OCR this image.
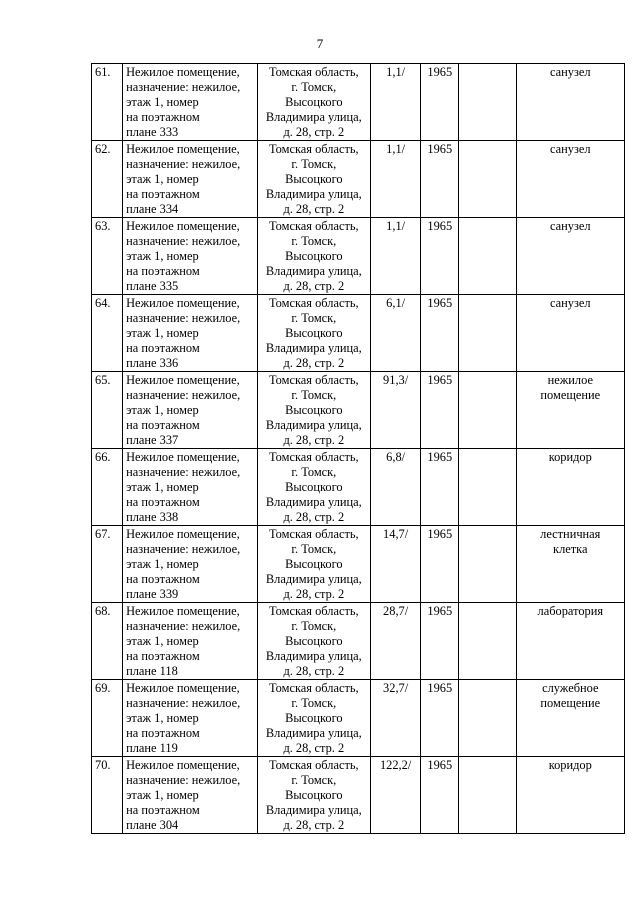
7
61.	Нежилое помещение,
назначение: нежилое,
этаж 1, номер
на поэтажном
плане 333	Томская область,
г. Томск,
Высоцкого
Владимира улица,
д. 28, стр. 2	1,1/	1965		санузел

62.	Нежилое помещение,
назначение: нежилое,
этаж 1, номер
на поэтажном
плане 334	Томская область,
г. Томск,
Высоцкого
Владимира улица,
д. 28, стр. 2	1,1/	1965		санузел

63.	Нежилое помещение,
назначение: нежилое,
этаж 1, номер
на поэтажном
плане 335	Томская область,
г. Томск,
Высоцкого
Владимира улица,
д. 28, стр. 2	1,1/	1965		санузел

64.	Нежилое помещение,
назначение: нежилое,
этаж 1, номер
на поэтажном
плане 336	Томская область,
г. Томск,
Высоцкого
Владимира улица,
д. 28, стр. 2	6,1/	1965		санузел

65.	Нежилое помещение,
назначение: нежилое,
этаж 1, номер
на поэтажном
плане 337	Томская область,
г. Томск,
Высоцкого
Владимира улица,
д. 28, стр. 2	91,3/	1965		нежилое
помещение

66.	Нежилое помещение,
назначение: нежилое,
этаж 1, номер
на поэтажном
плане 338	Томская область,
г. Томск,
Высоцкого
Владимира улица,
д. 28, стр. 2	6,8/	1965		коридор

67.	Нежилое помещение,
назначение: нежилое,
этаж 1, номер
на поэтажном
плане 339	Томская область,
г. Томск,
Высоцкого
Владимира улица,
д. 28, стр. 2	14,7/	1965		лестничная
клетка

68.	Нежилое помещение,
назначение: нежилое,
этаж 1, номер
на поэтажном
плане 118	Томская область,
г. Томск,
Высоцкого
Владимира улица,
д. 28, стр. 2	28,7/	1965		лаборатория

69.	Нежилое помещение,
назначение: нежилое,
этаж 1, номер
на поэтажном
плане 119	Томская область,
г. Томск,
Высоцкого
Владимира улица,
д. 28, стр. 2	32,7/	1965		служебное
помещение

70.	Нежилое помещение,
назначение: нежилое,
этаж 1, номер
на поэтажном
плане 304	Томская область,
г. Томск,
Высоцкого
Владимира улица,
д. 28, стр. 2	122,2/	1965		коридор
